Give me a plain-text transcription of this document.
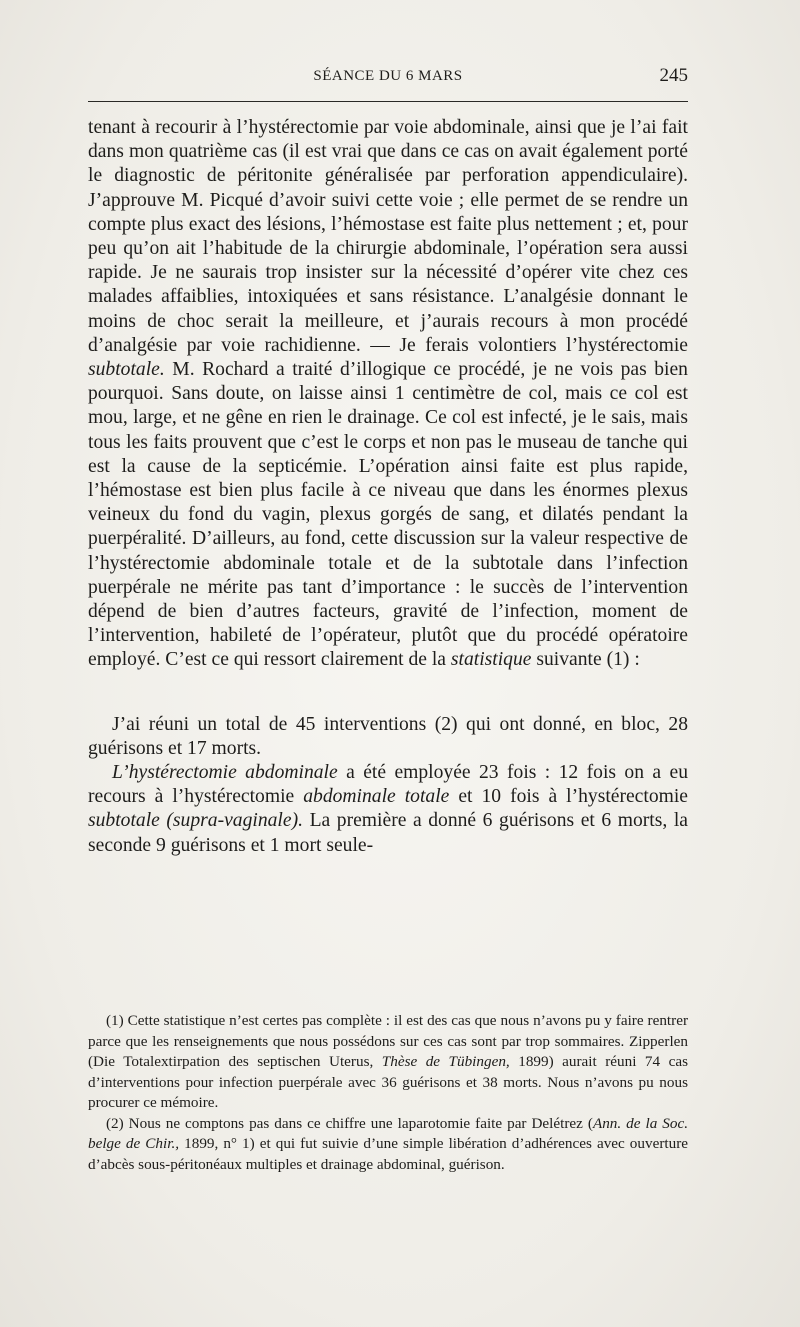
SÉANCE DU 6 MARS	245

tenant à recourir à l’hystérectomie par voie abdominale, ainsi que je l’ai fait dans mon quatrième cas (il est vrai que dans ce cas on avait également porté le diagnostic de péritonite généralisée par perforation appendiculaire). J’approuve M. Picqué d’avoir suivi cette voie ; elle permet de se rendre un compte plus exact des lésions, l’hémostase est faite plus nettement ; et, pour peu qu’on ait l’habitude de la chirurgie abdominale, l’opération sera aussi rapide. Je ne saurais trop insister sur la nécessité d’opérer vite chez ces malades affaiblies, intoxiquées et sans résistance. L’analgésie donnant le moins de choc serait la meilleure, et j’aurais recours à mon procédé d’analgésie par voie rachidienne. — Je ferais volontiers l’hystérectomie subtotale. M. Rochard a traité d’illogique ce procédé, je ne vois pas bien pourquoi. Sans doute, on laisse ainsi 1 centimètre de col, mais ce col est mou, large, et ne gêne en rien le drainage. Ce col est infecté, je le sais, mais tous les faits prouvent que c’est le corps et non pas le museau de tanche qui est la cause de la septicémie. L’opération ainsi faite est plus rapide, l’hémostase est bien plus facile à ce niveau que dans les énormes plexus veineux du fond du vagin, plexus gorgés de sang, et dilatés pendant la puerpéralité. D’ailleurs, au fond, cette discussion sur la valeur respective de l’hystérectomie abdominale totale et de la subtotale dans l’infection puerpérale ne mérite pas tant d’importance : le succès de l’intervention dépend de bien d’autres facteurs, gravité de l’infection, moment de l’intervention, habileté de l’opérateur, plutôt que du procédé opératoire employé. C’est ce qui ressort clairement de la statistique suivante (1) :

J’ai réuni un total de 45 interventions (2) qui ont donné, en bloc, 28 guérisons et 17 morts.

L’hystérectomie abdominale a été employée 23 fois : 12 fois on a eu recours à l’hystérectomie abdominale totale et 10 fois à l’hystérectomie subtotale (supra-vaginale). La première a donné 6 guérisons et 6 morts, la seconde 9 guérisons et 1 mort seule-

(1) Cette statistique n’est certes pas complète : il est des cas que nous n’avons pu y faire rentrer parce que les renseignements que nous possédons sur ces cas sont par trop sommaires. Zipperlen (Die Totalextirpation des septischen Uterus, Thèse de Tübingen, 1899) aurait réuni 74 cas d’interventions pour infection puerpérale avec 36 guérisons et 38 morts. Nous n’avons pu nous procurer ce mémoire.

(2) Nous ne comptons pas dans ce chiffre une laparotomie faite par Delétrez (Ann. de la Soc. belge de Chir., 1899, n° 1) et qui fut suivie d’une simple libération d’adhérences avec ouverture d’abcès sous-péritonéaux multiples et drainage abdominal, guérison.
